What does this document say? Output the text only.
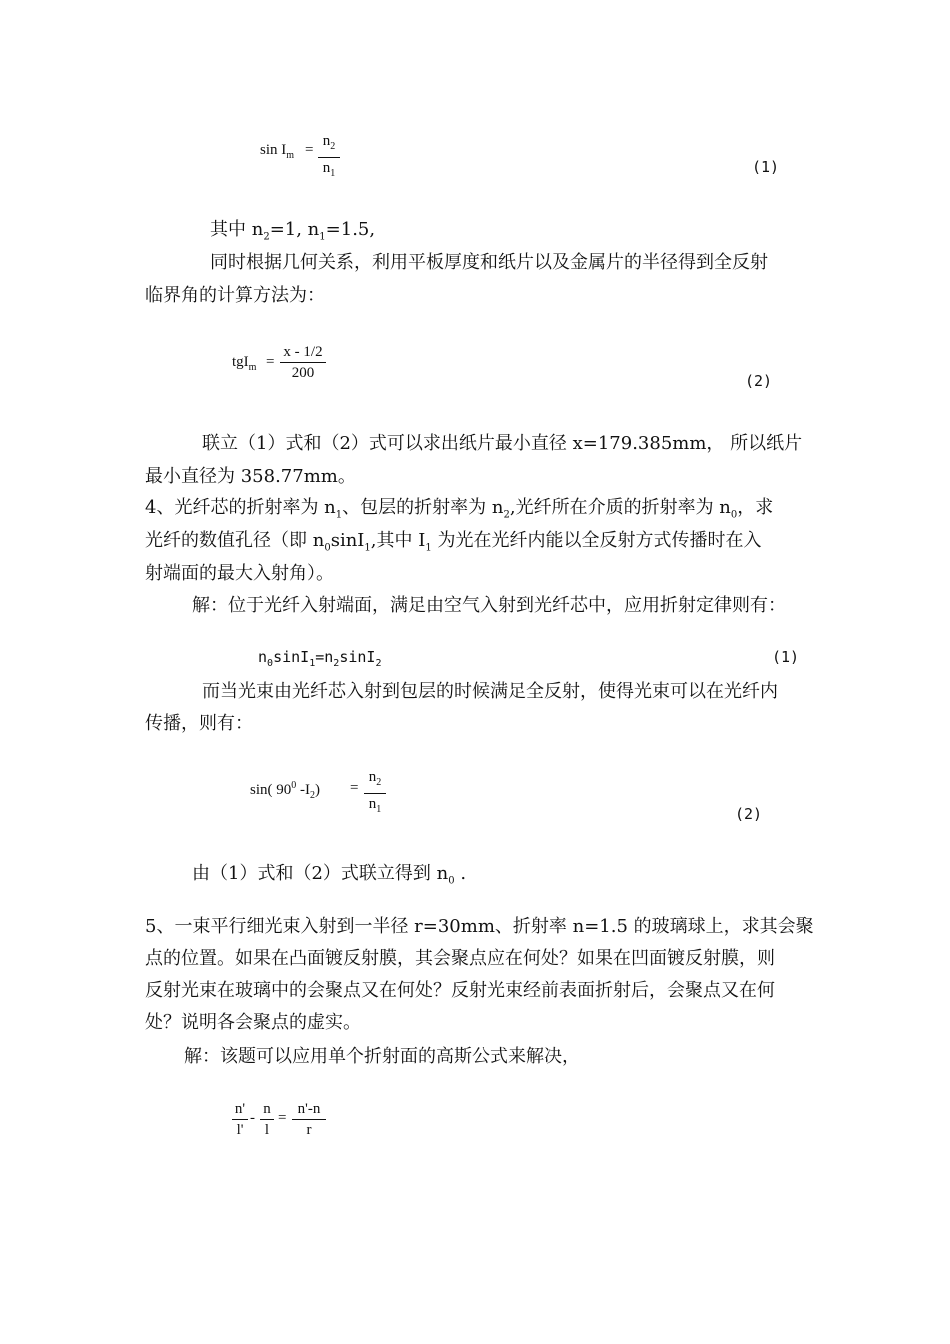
$\sin I_m$ =
$n_2$
$n_1$	(1)
其中 $n_2=1$, $n_1=1.5$,
同时根据几何关系，利用平板厚度和纸片以及金属片的半径得到全反射
临界角的计算方法为：
tgI$_m$ =
x - 1/2
200	(2)
联立（1）式和（2）式可以求出纸片最小直径 x=179.385mm， 所以纸片
最小直径为 358.77mm。
4、光纤芯的折射率为 $n_1$、包层的折射率为 $n_2$,光纤所在介质的折射率为 $n_0$，求
光纤的数值孔径（即 $n_0\sin I_1$,其中 $I_1$ 为光在光纤内能以全反射方式传播时在入
射端面的最大入射角）。
解：位于光纤入射端面，满足由空气入射到光纤芯中，应用折射定律则有：
$n_0\sin I_1=n_2\sin I_2$	(1)
而当光束由光纤芯入射到包层的时候满足全反射，使得光束可以在光纤内
传播，则有：
sin( $90^0$ $-I_2$) =
$n_2$
$n_1$	(2)
由（1）式和（2）式联立得到 $n_0$ .
5、一束平行细光束入射到一半径 r=30mm、折射率 n=1.5 的玻璃球上，求其会聚
点的位置。如果在凸面镀反射膜，其会聚点应在何处？如果在凹面镀反射膜，则
反射光束在玻璃中的会聚点又在何处？反射光束经前表面折射后，会聚点又在何
处？说明各会聚点的虚实。
解：该题可以应用单个折射面的高斯公式来解决，
n'
l'
-
n
l
=
n'-n
r
